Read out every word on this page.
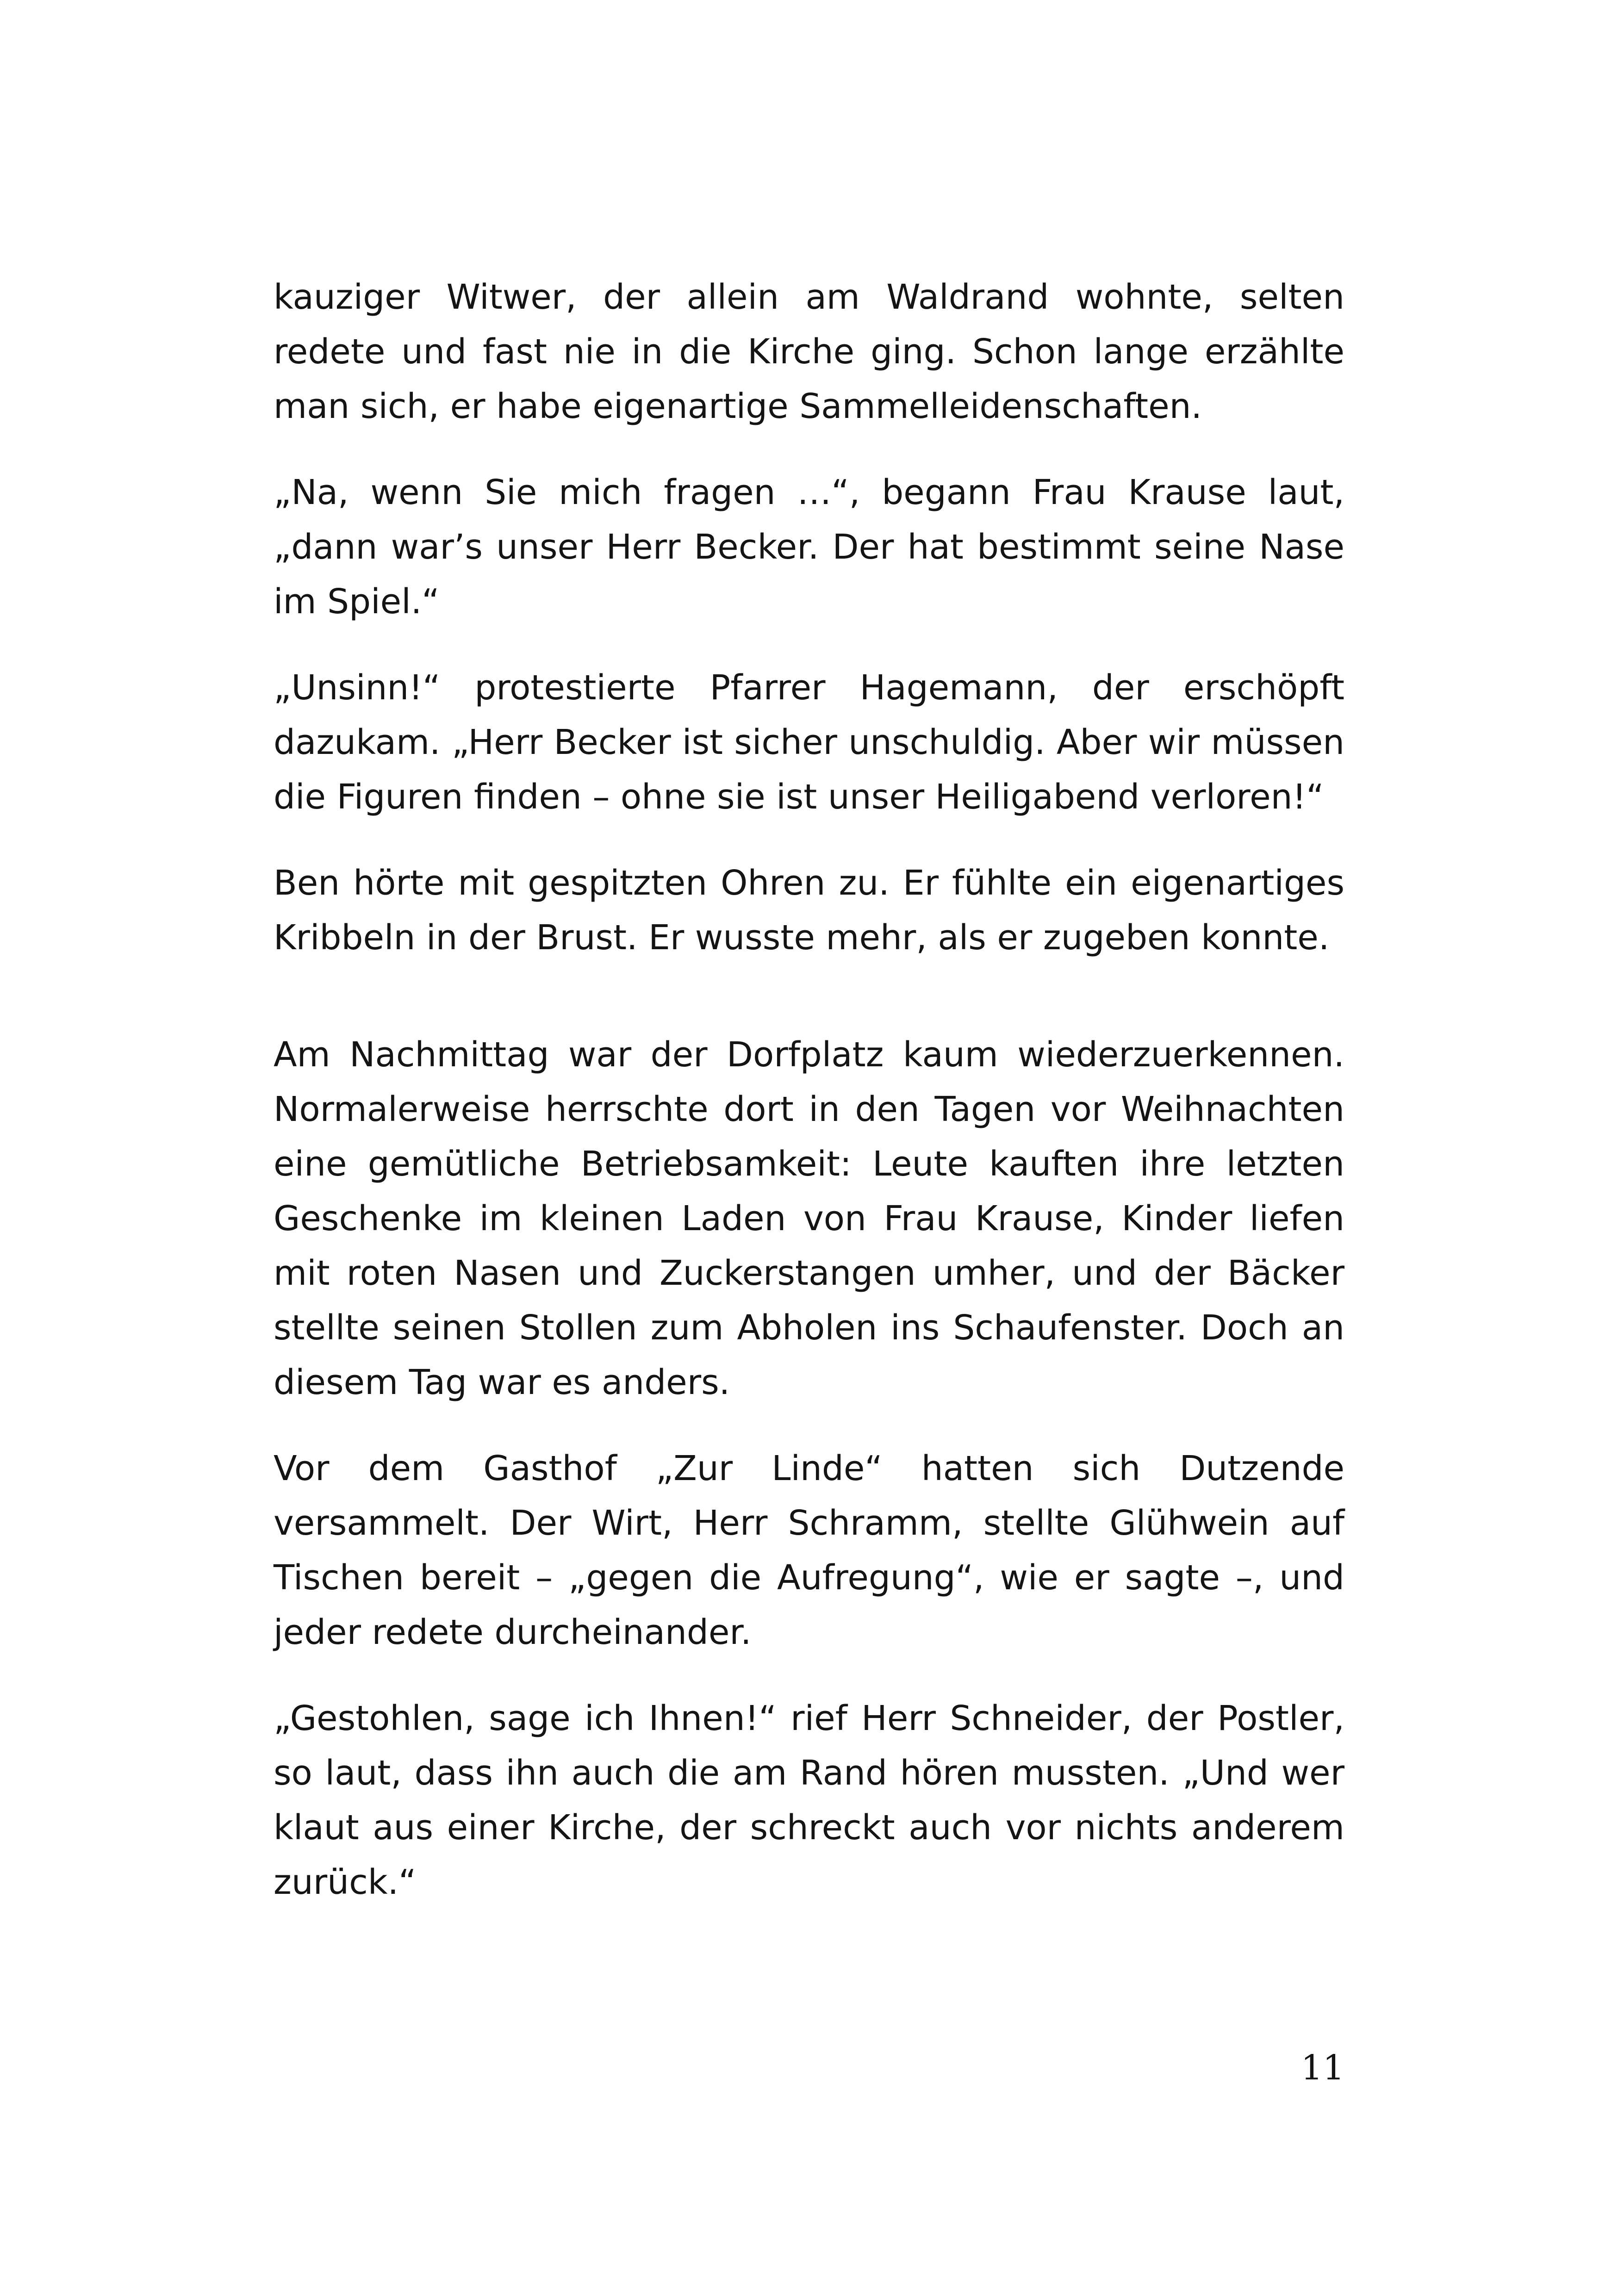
kauziger Witwer, der allein am Waldrand wohnte, selten redete und fast nie in die Kirche ging. Schon lange erzählte man sich, er habe eigenartige Sammelleidenschaften.

„Na, wenn Sie mich fragen …“, begann Frau Krause laut, „dann war’s unser Herr Becker. Der hat bestimmt seine Nase im Spiel.“

„Unsinn!“ protestierte Pfarrer Hagemann, der erschöpft dazukam. „Herr Becker ist sicher unschuldig. Aber wir müssen die Figuren finden – ohne sie ist unser Heiligabend verloren!“

Ben hörte mit gespitzten Ohren zu. Er fühlte ein eigenartiges Kribbeln in der Brust. Er wusste mehr, als er zugeben konnte.

Am Nachmittag war der Dorfplatz kaum wiederzuerkennen. Normalerweise herrschte dort in den Tagen vor Weihnachten eine gemütliche Betriebsamkeit: Leute kauften ihre letzten Geschenke im kleinen Laden von Frau Krause, Kinder liefen mit roten Nasen und Zuckerstangen umher, und der Bäcker stellte seinen Stollen zum Abholen ins Schaufenster. Doch an diesem Tag war es anders.

Vor dem Gasthof „Zur Linde“ hatten sich Dutzende versammelt. Der Wirt, Herr Schramm, stellte Glühwein auf Tischen bereit – „gegen die Aufregung“, wie er sagte –, und jeder redete durcheinander.

„Gestohlen, sage ich Ihnen!“ rief Herr Schneider, der Postler, so laut, dass ihn auch die am Rand hören mussten. „Und wer klaut aus einer Kirche, der schreckt auch vor nichts anderem zurück.“

11
